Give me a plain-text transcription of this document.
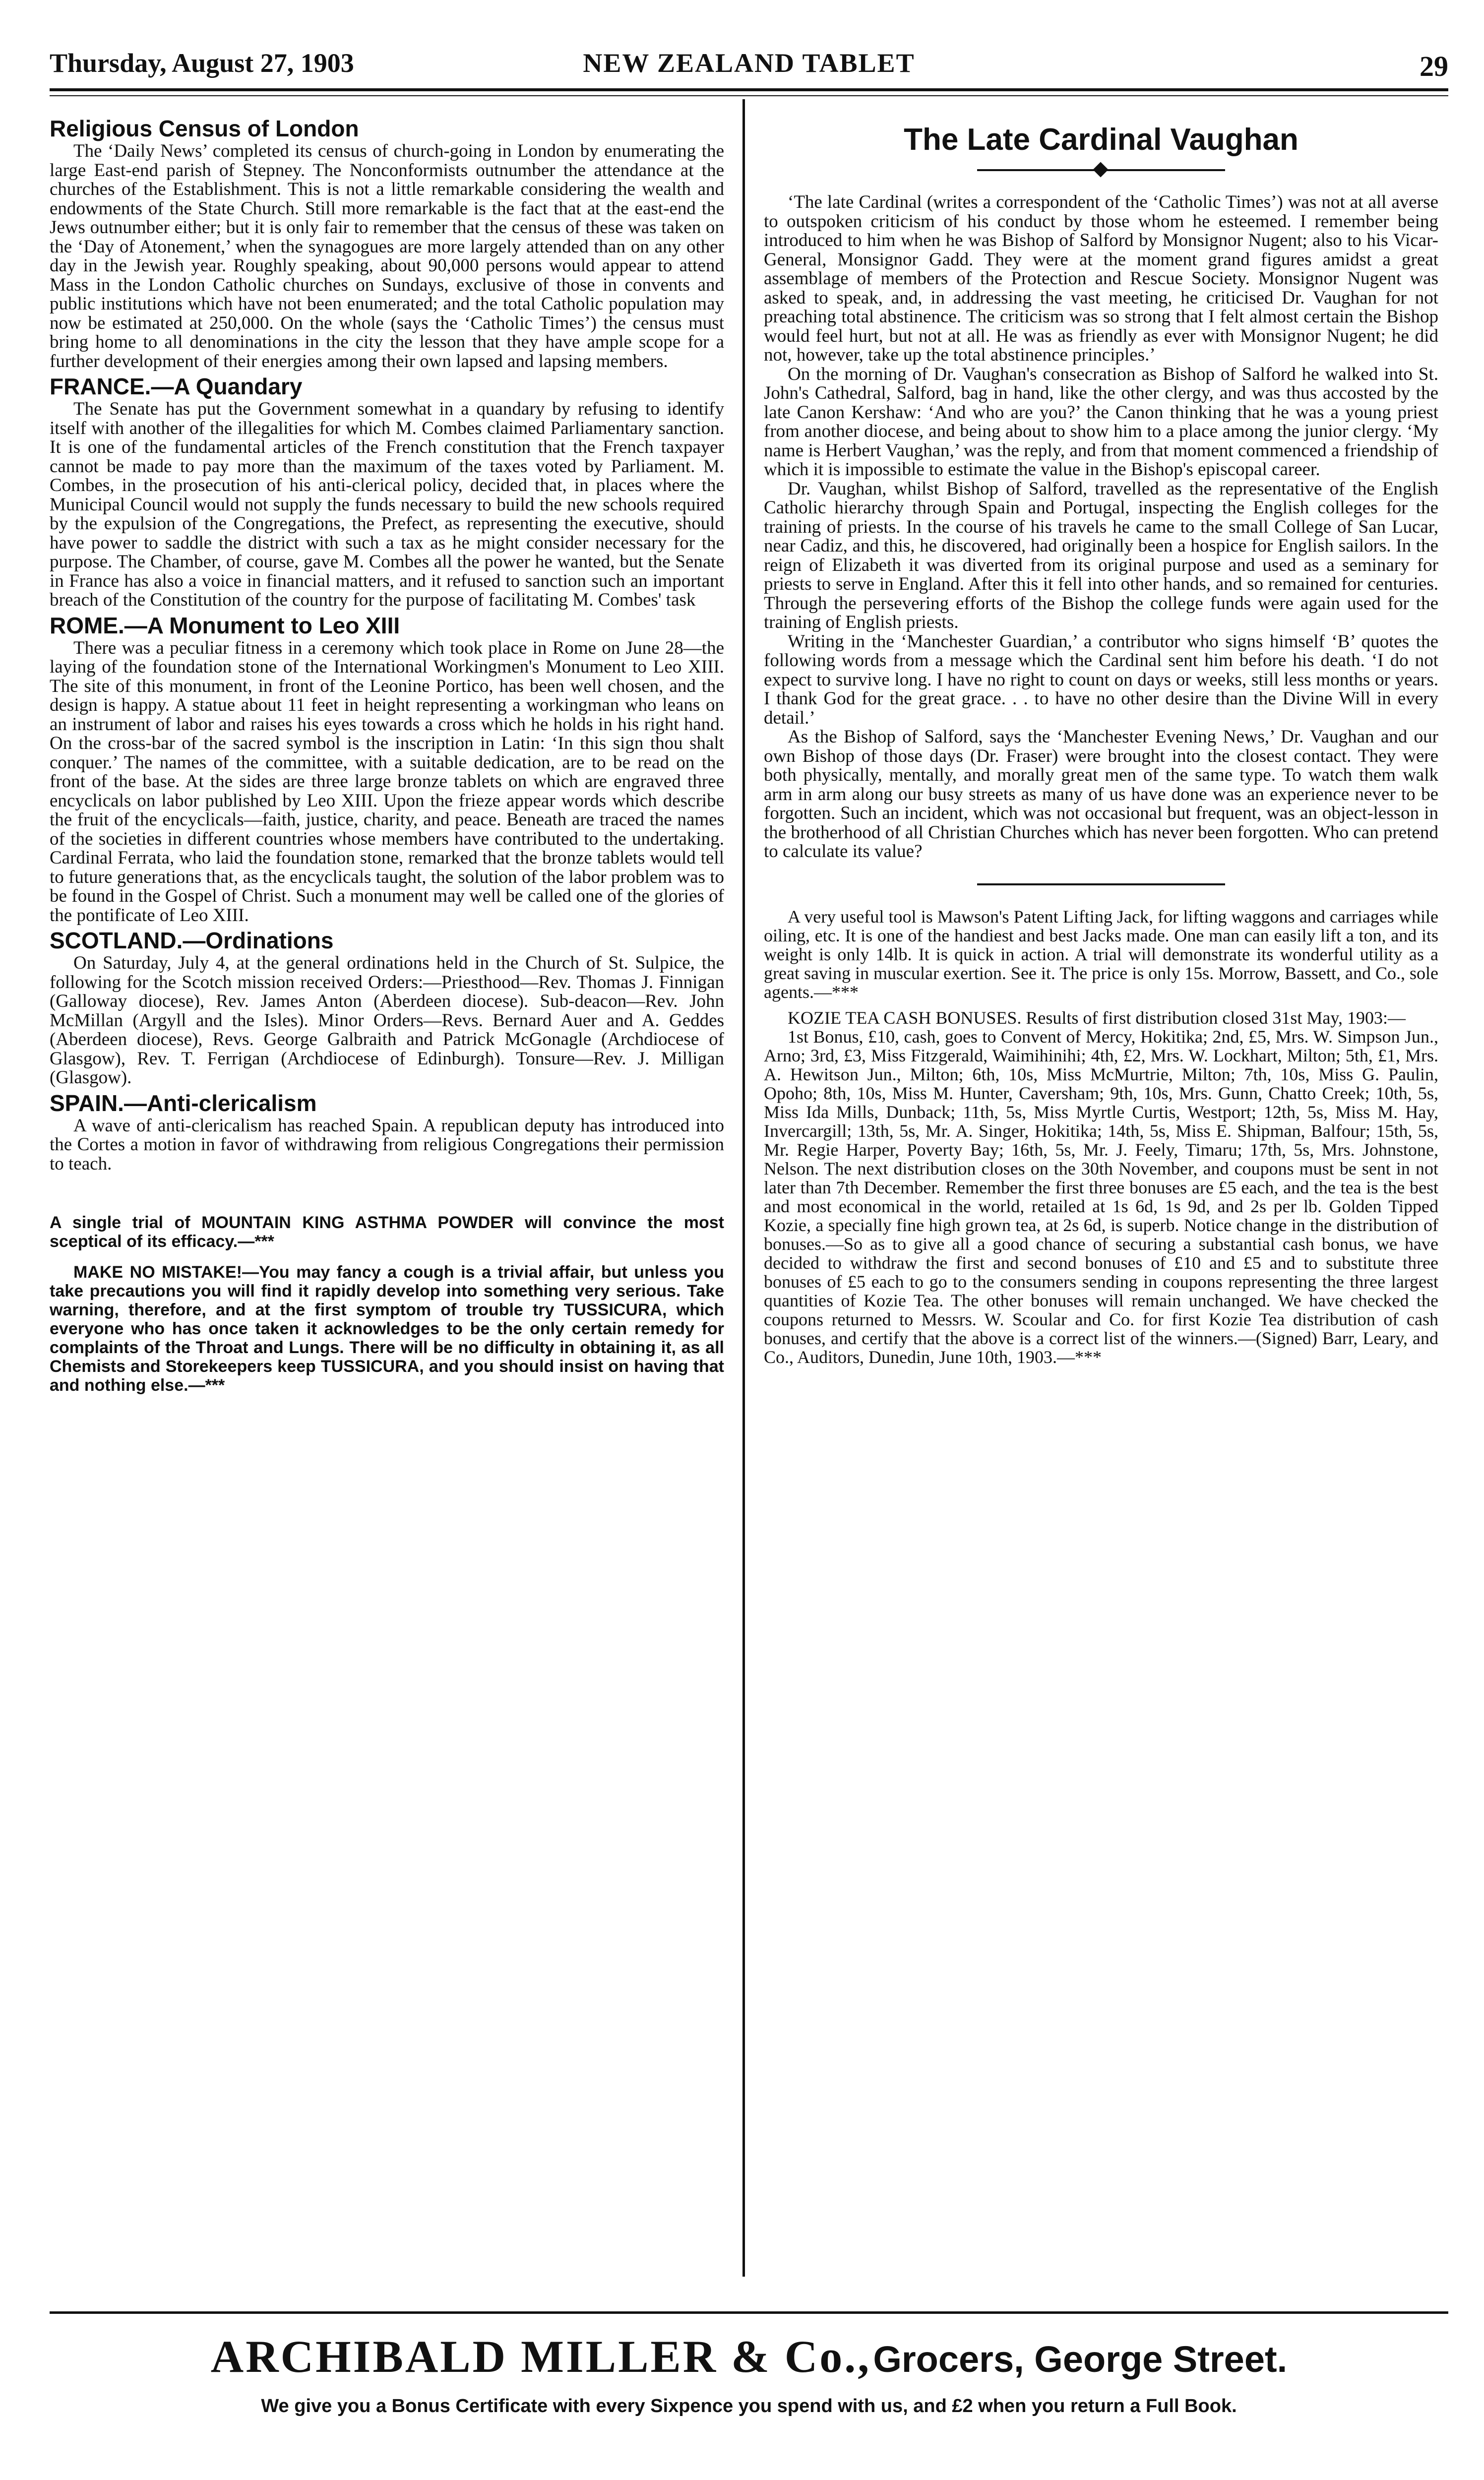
Thursday, August 27, 1903	NEW ZEALAND TABLET	29
Religious Census of London

The ‘Daily News’ completed its census of church-going in London by enumerating the large East-end parish of Stepney. The Nonconformists outnumber the attendance at the churches of the Establishment. This is not a little remarkable considering the wealth and endowments of the State Church. Still more remarkable is the fact that at the east-end the Jews outnumber either; but it is only fair to remember that the census of these was taken on the ‘Day of Atonement,’ when the synagogues are more largely attended than on any other day in the Jewish year. Roughly speaking, about 90,000 persons would appear to attend Mass in the London Catholic churches on Sundays, exclusive of those in convents and public institutions which have not been enumerated; and the total Catholic population may now be estimated at 250,000. On the whole (says the ‘Catholic Times’) the census must bring home to all denominations in the city the lesson that they have ample scope for a further development of their energies among their own lapsed and lapsing members.

FRANCE.—A Quandary

The Senate has put the Government somewhat in a quandary by refusing to identify itself with another of the illegalities for which M. Combes claimed Parliamentary sanction. It is one of the fundamental articles of the French constitution that the French taxpayer cannot be made to pay more than the maximum of the taxes voted by Parliament. M. Combes, in the prosecution of his anti-clerical policy, decided that, in places where the Municipal Council would not supply the funds necessary to build the new schools required by the expulsion of the Congregations, the Prefect, as representing the executive, should have power to saddle the district with such a tax as he might consider necessary for the purpose. The Chamber, of course, gave M. Combes all the power he wanted, but the Senate in France has also a voice in financial matters, and it refused to sanction such an important breach of the Constitution of the country for the purpose of facilitating M. Combes' task

ROME.—A Monument to Leo XIII

There was a peculiar fitness in a ceremony which took place in Rome on June 28—the laying of the foundation stone of the International Workingmen's Monument to Leo XIII. The site of this monument, in front of the Leonine Portico, has been well chosen, and the design is happy. A statue about 11 feet in height representing a workingman who leans on an instrument of labor and raises his eyes towards a cross which he holds in his right hand. On the cross-bar of the sacred symbol is the inscription in Latin: ‘In this sign thou shalt conquer.’ The names of the committee, with a suitable dedication, are to be read on the front of the base. At the sides are three large bronze tablets on which are engraved three encyclicals on labor published by Leo XIII. Upon the frieze appear words which describe the fruit of the encyclicals—faith, justice, charity, and peace. Beneath are traced the names of the societies in different countries whose members have contributed to the undertaking. Cardinal Ferrata, who laid the foundation stone, remarked that the bronze tablets would tell to future generations that, as the encyclicals taught, the solution of the labor problem was to be found in the Gospel of Christ. Such a monument may well be called one of the glories of the pontificate of Leo XIII.

SCOTLAND.—Ordinations

On Saturday, July 4, at the general ordinations held in the Church of St. Sulpice, the following for the Scotch mission received Orders:—Priesthood—Rev. Thomas J. Finnigan (Galloway diocese), Rev. James Anton (Aberdeen diocese). Sub-deacon—Rev. John McMillan (Argyll and the Isles). Minor Orders—Revs. Bernard Auer and A. Geddes (Aberdeen diocese), Revs. George Galbraith and Patrick McGonagle (Archdiocese of Glasgow), Rev. T. Ferrigan (Archdiocese of Edinburgh). Tonsure—Rev. J. Milligan (Glasgow).

SPAIN.—Anti-clericalism

A wave of anti-clericalism has reached Spain. A republican deputy has introduced into the Cortes a motion in favor of withdrawing from religious Congregations their permission to teach.

A single trial of MOUNTAIN KING ASTHMA POWDER will convince the most sceptical of its efficacy.—***

MAKE NO MISTAKE!—You may fancy a cough is a trivial affair, but unless you take precautions you will find it rapidly develop into something very serious. Take warning, therefore, and at the first symptom of trouble try TUSSICURA, which everyone who has once taken it acknowledges to be the only certain remedy for complaints of the Throat and Lungs. There will be no difficulty in obtaining it, as all Chemists and Storekeepers keep TUSSICURA, and you should insist on having that and nothing else.—***

The Late Cardinal Vaughan

‘The late Cardinal (writes a correspondent of the ‘Catholic Times’) was not at all averse to outspoken criticism of his conduct by those whom he esteemed. I remember being introduced to him when he was Bishop of Salford by Monsignor Nugent; also to his Vicar-General, Monsignor Gadd. They were at the moment grand figures amidst a great assemblage of members of the Protection and Rescue Society. Monsignor Nugent was asked to speak, and, in addressing the vast meeting, he criticised Dr. Vaughan for not preaching total abstinence. The criticism was so strong that I felt almost certain the Bishop would feel hurt, but not at all. He was as friendly as ever with Monsignor Nugent; he did not, however, take up the total abstinence principles.’

On the morning of Dr. Vaughan's consecration as Bishop of Salford he walked into St. John's Cathedral, Salford, bag in hand, like the other clergy, and was thus accosted by the late Canon Kershaw: ‘And who are you?’ the Canon thinking that he was a young priest from another diocese, and being about to show him to a place among the junior clergy. ‘My name is Herbert Vaughan,’ was the reply, and from that moment commenced a friendship of which it is impossible to estimate the value in the Bishop's episcopal career.

Dr. Vaughan, whilst Bishop of Salford, travelled as the representative of the English Catholic hierarchy through Spain and Portugal, inspecting the English colleges for the training of priests. In the course of his travels he came to the small College of San Lucar, near Cadiz, and this, he discovered, had originally been a hospice for English sailors. In the reign of Elizabeth it was diverted from its original purpose and used as a seminary for priests to serve in England. After this it fell into other hands, and so remained for centuries. Through the persevering efforts of the Bishop the college funds were again used for the training of English priests.

Writing in the ‘Manchester Guardian,’ a contributor who signs himself ‘B’ quotes the following words from a message which the Cardinal sent him before his death. ‘I do not expect to survive long. I have no right to count on days or weeks, still less months or years. I thank God for the great grace. . . to have no other desire than the Divine Will in every detail.’

As the Bishop of Salford, says the ‘Manchester Evening News,’ Dr. Vaughan and our own Bishop of those days (Dr. Fraser) were brought into the closest contact. They were both physically, mentally, and morally great men of the same type. To watch them walk arm in arm along our busy streets as many of us have done was an experience never to be forgotten. Such an incident, which was not occasional but frequent, was an object-lesson in the brotherhood of all Christian Churches which has never been forgotten. Who can pretend to calculate its value?

A very useful tool is Mawson's Patent Lifting Jack, for lifting waggons and carriages while oiling, etc. It is one of the handiest and best Jacks made. One man can easily lift a ton, and its weight is only 14lb. It is quick in action. A trial will demonstrate its wonderful utility as a great saving in muscular exertion. See it. The price is only 15s. Morrow, Bassett, and Co., sole agents.—***

KOZIE TEA CASH BONUSES. Results of first distribution closed 31st May, 1903:—

1st Bonus, £10, cash, goes to Convent of Mercy, Hokitika; 2nd, £5, Mrs. W. Simpson Jun., Arno; 3rd, £3, Miss Fitzgerald, Waimihinihi; 4th, £2, Mrs. W. Lockhart, Milton; 5th, £1, Mrs. A. Hewitson Jun., Milton; 6th, 10s, Miss McMurtrie, Milton; 7th, 10s, Miss G. Paulin, Opoho; 8th, 10s, Miss M. Hunter, Caversham; 9th, 10s, Mrs. Gunn, Chatto Creek; 10th, 5s, Miss Ida Mills, Dunback; 11th, 5s, Miss Myrtle Curtis, Westport; 12th, 5s, Miss M. Hay, Invercargill; 13th, 5s, Mr. A. Singer, Hokitika; 14th, 5s, Miss E. Shipman, Balfour; 15th, 5s, Mr. Regie Harper, Poverty Bay; 16th, 5s, Mr. J. Feely, Timaru; 17th, 5s, Mrs. Johnstone, Nelson. The next distribution closes on the 30th November, and coupons must be sent in not later than 7th December. Remember the first three bonuses are £5 each, and the tea is the best and most economical in the world, retailed at 1s 6d, 1s 9d, and 2s per lb. Golden Tipped Kozie, a specially fine high grown tea, at 2s 6d, is superb. Notice change in the distribution of bonuses.—So as to give all a good chance of securing a substantial cash bonus, we have decided to withdraw the first and second bonuses of £10 and £5 and to substitute three bonuses of £5 each to go to the consumers sending in coupons representing the three largest quantities of Kozie Tea. The other bonuses will remain unchanged. We have checked the coupons returned to Messrs. W. Scoular and Co. for first Kozie Tea distribution of cash bonuses, and certify that the above is a correct list of the winners.—(Signed) Barr, Leary, and Co., Auditors, Dunedin, June 10th, 1903.—***

ARCHIBALD MILLER & Co., Grocers, George Street.
We give you a Bonus Certificate with every Sixpence you spend with us, and £2 when you return a Full Book.
